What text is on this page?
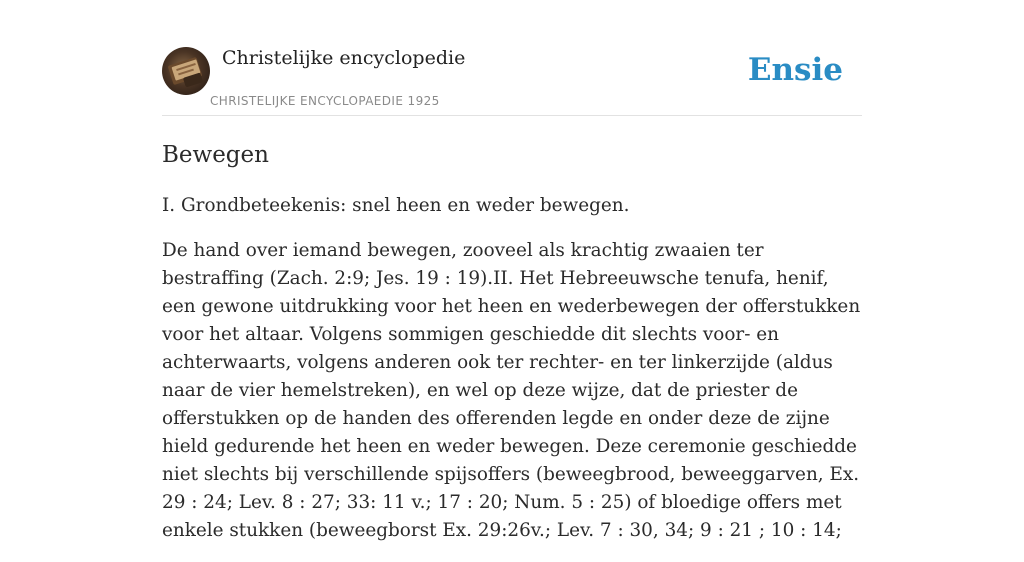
Christelijke encyclopedie
CHRISTELIJKE ENCYCLOPAEDIE 1925
Ensie
Bewegen

I. Grondbeteekenis: snel heen en weder bewegen.

De hand over iemand bewegen, zooveel als krachtig zwaaien ter bestraffing (Zach. 2:9; Jes. 19 : 19).II. Het Hebreeuwsche tenufa, henif, een gewone uitdrukking voor het heen en wederbewegen der offerstukken voor het altaar. Volgens sommigen geschiedde dit slechts voor- en achterwaarts, volgens anderen ook ter rechter- en ter linkerzijde (aldus naar de vier hemelstreken), en wel op deze wijze, dat de priester de offerstukken op de handen des offerenden legde en onder deze de zijne hield gedurende het heen en weder bewegen. Deze ceremonie geschiedde niet slechts bij verschillende spijsoffers (beweegbrood, beweeggarven, Ex. 29 : 24; Lev. 8 : 27; 33: 11 v.; 17 : 20; Num. 5 : 25) of bloedige offers met enkele stukken (beweegborst Ex. 29:26v.; Lev. 7 : 30, 34; 9 : 21 ; 10 : 14;
